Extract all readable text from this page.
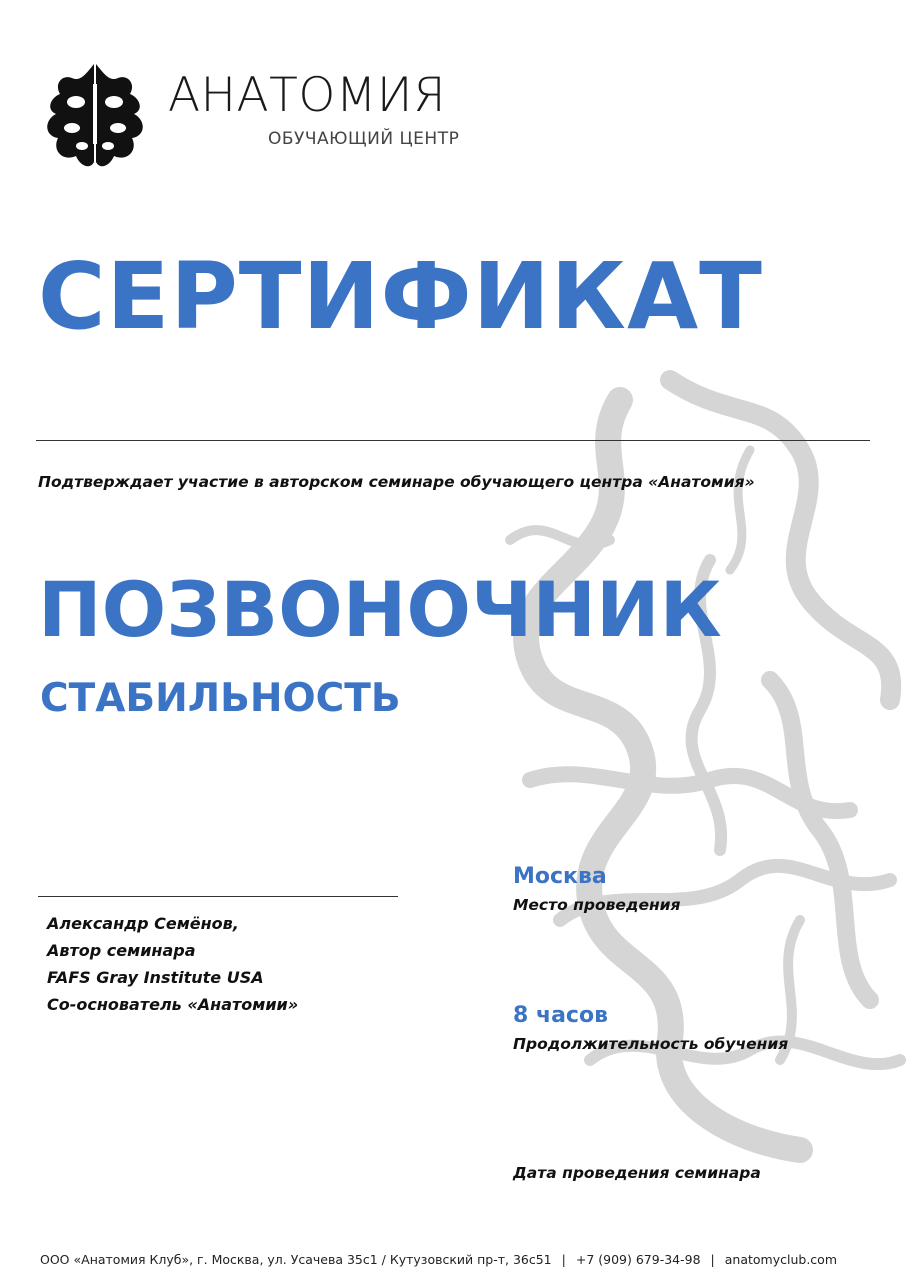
АНАТОМИЯ
ОБУЧАЮЩИЙ ЦЕНТР
СЕРТИФИКАТ
Подтверждает участие в авторском семинаре обучающего центра «Анатомия»
ПОЗВОНОЧНИК
СТАБИЛЬНОСТЬ
Александр Семёнов,
Автор семинара
FAFS Gray Institute USA
Со-основатель «Анатомии»
Москва
Место проведения
8 часов
Продолжительность обучения
Дата проведения семинара
ООО «Анатомия Клуб», г. Москва, ул. Усачева 35с1 / Кутузовский пр-т, 36с51 | +7 (909) 679-34-98 | anatomyclub.com
